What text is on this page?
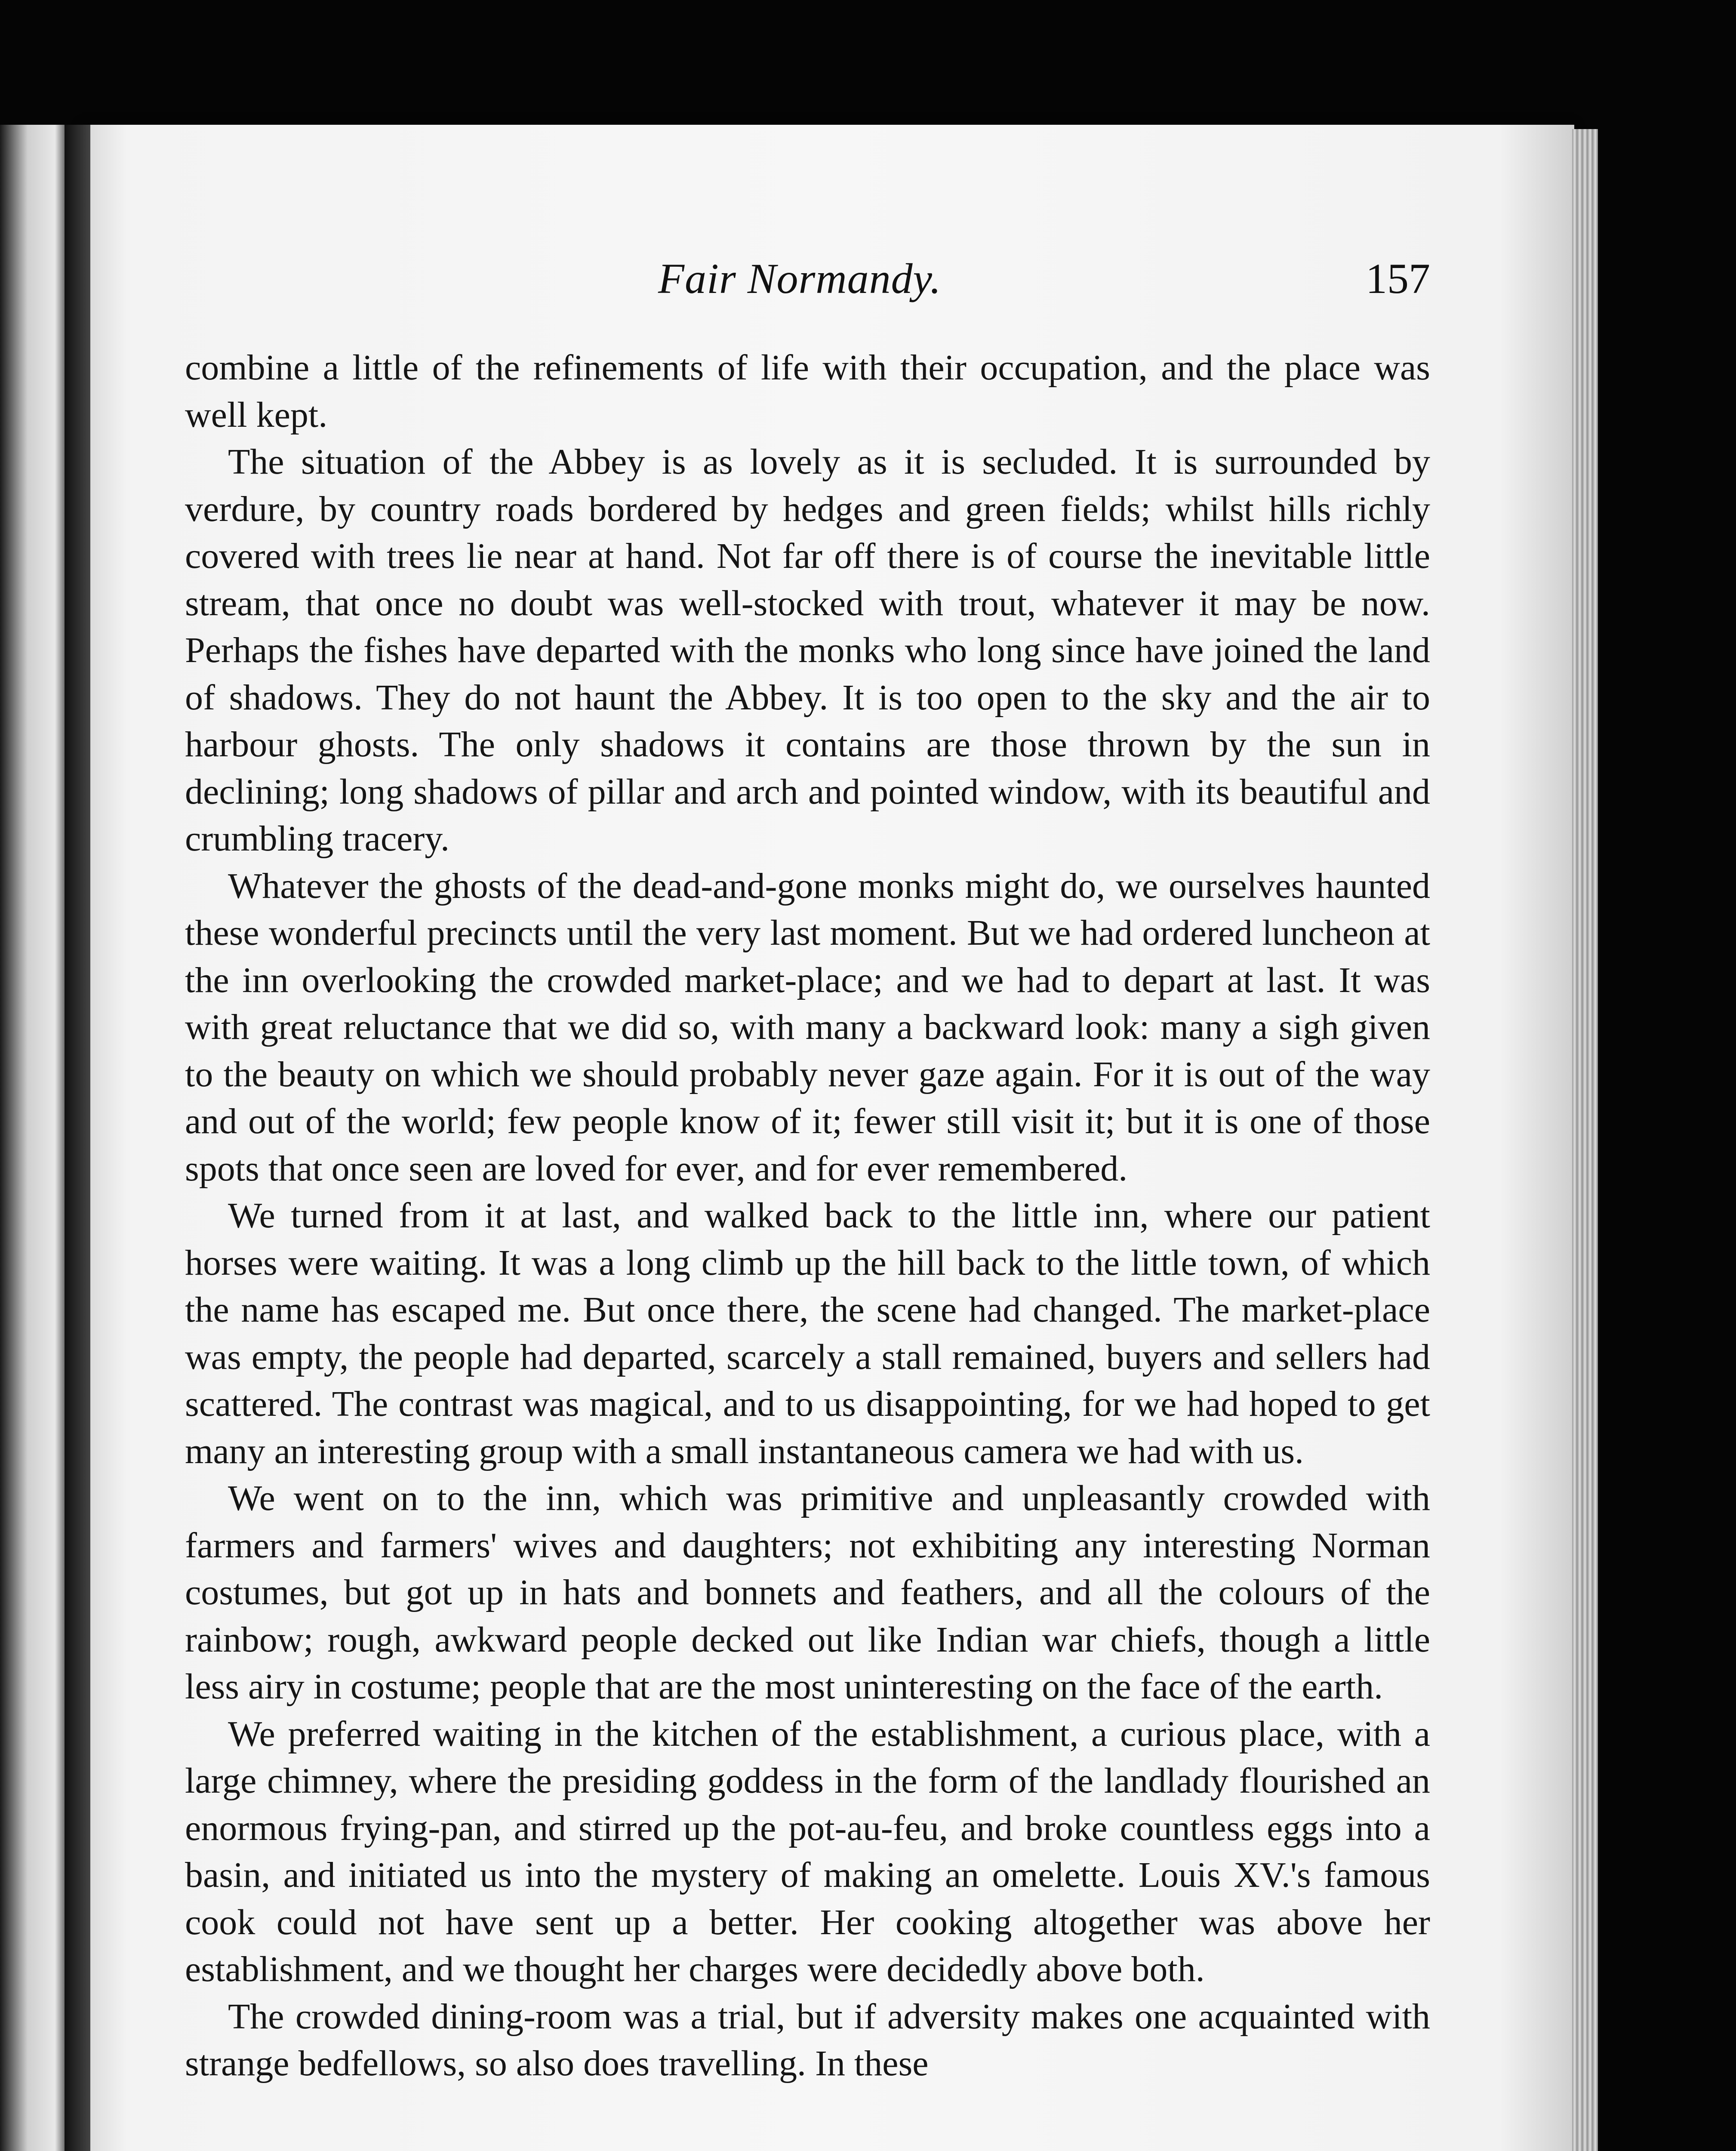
Fair Normandy.	157

combine a little of the refinements of life with their occupation, and the place was well kept.

The situation of the Abbey is as lovely as it is secluded. It is surrounded by verdure, by country roads bordered by hedges and green fields; whilst hills richly covered with trees lie near at hand. Not far off there is of course the inevitable little stream, that once no doubt was well-stocked with trout, whatever it may be now. Perhaps the fishes have departed with the monks who long since have joined the land of shadows. They do not haunt the Abbey. It is too open to the sky and the air to harbour ghosts. The only shadows it contains are those thrown by the sun in declining; long shadows of pillar and arch and pointed window, with its beautiful and crumbling tracery.

Whatever the ghosts of the dead-and-gone monks might do, we ourselves haunted these wonderful precincts until the very last moment. But we had ordered luncheon at the inn overlooking the crowded market-place; and we had to depart at last. It was with great reluctance that we did so, with many a backward look: many a sigh given to the beauty on which we should probably never gaze again. For it is out of the way and out of the world; few people know of it; fewer still visit it; but it is one of those spots that once seen are loved for ever, and for ever remembered.

We turned from it at last, and walked back to the little inn, where our patient horses were waiting. It was a long climb up the hill back to the little town, of which the name has escaped me. But once there, the scene had changed. The market-place was empty, the people had departed, scarcely a stall remained, buyers and sellers had scattered. The contrast was magical, and to us disappointing, for we had hoped to get many an interesting group with a small instantaneous camera we had with us.

We went on to the inn, which was primitive and unpleasantly crowded with farmers and farmers' wives and daughters; not exhibiting any interesting Norman costumes, but got up in hats and bonnets and feathers, and all the colours of the rainbow; rough, awkward people decked out like Indian war chiefs, though a little less airy in costume; people that are the most uninteresting on the face of the earth.

We preferred waiting in the kitchen of the establishment, a curious place, with a large chimney, where the presiding goddess in the form of the landlady flourished an enormous frying-pan, and stirred up the pot-au-feu, and broke countless eggs into a basin, and initiated us into the mystery of making an omelette. Louis XV.'s famous cook could not have sent up a better. Her cooking altogether was above her establishment, and we thought her charges were decidedly above both.

The crowded dining-room was a trial, but if adversity makes one acquainted with strange bedfellows, so also does travelling. In these
